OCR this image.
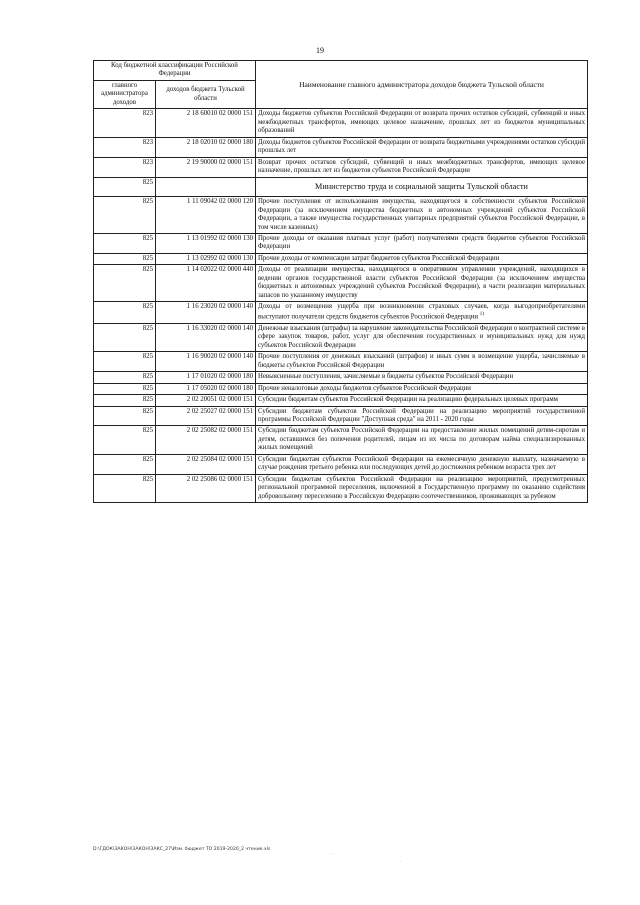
19
Код бюджетной классификации Российской Федерации		Наименование главного администратора доходов бюджета Тульской области
главного администратора доходов	доходов бюджета Тульской области	
823	2 18 60010 02 0000 151	Доходы бюджетов субъектов Российской Федерации от возврата прочих остатков субсидий, субвенций и иных межбюджетных трансфертов, имеющих целевое назначение, прошлых лет из бюджетов муниципальных образований
823	2 18 02010 02 0000 180	Доходы бюджетов субъектов Российской Федерации от возврата бюджетными учреждениями остатков субсидий прошлых лет
823	2 19 90000 02 0000 151	Возврат прочих остатков субсидий, субвенций и иных межбюджетных трансфертов, имеющих целевое назначение, прошлых лет из бюджетов субъектов Российской Федерации
825		Министерство труда и социальной защиты Тульской области
825	1 11 09042 02 0000 120	Прочие поступления от использования имущества, находящегося в собственности субъектов Российской Федерации (за исключением имущества бюджетных и автономных учреждений субъектов Российской Федерации, а также имущества государственных унитарных предприятий субъектов Российской Федерации, в том числе казенных)
825	1 13 01992 02 0000 130	Прочие доходы от оказания платных услуг (работ) получателями средств бюджетов субъектов Российской Федерации
825	1 13 02992 02 0000 130	Прочие доходы от компенсации затрат бюджетов субъектов Российской Федерации
825	1 14 02022 02 0000 440	Доходы от реализации имущества, находящегося в оперативном управлении учреждений, находящихся в ведении органов государственной власти субъектов Российской Федерации (за исключением имущества бюджетных и автономных учреждений субъектов Российской Федерации), в части реализации материальных запасов по указанному имуществу
825	1 16 23020 02 0000 140	Доходы от возмещения ущерба при возникновении страховых случаев, когда выгодоприобретателями выступают получатели средств бюджетов субъектов Российской Федерации $^{1)}$
825	1 16 33020 02 0000 140	Денежные взыскания (штрафы) за нарушение законодательства Российской Федерации о контрактной системе в сфере закупок товаров, работ, услуг для обеспечения государственных и муниципальных нужд для нужд субъектов Российской Федерации
825	1 16 90020 02 0000 140	Прочие поступления от денежных взысканий (штрафов) и иных сумм в возмещение ущерба, зачисляемые в бюджеты субъектов Российской Федерации
825	1 17 01020 02 0000 180	Невыясненные поступления, зачисляемые в бюджеты субъектов Российской Федерации
825	1 17 05020 02 0000 180	Прочие неналоговые доходы бюджетов субъектов Российской Федерации
825	2 02 20051 02 0000 151	Субсидии бюджетам субъектов Российской Федерации на реализацию федеральных целевых программ
825	2 02 25027 02 0000 151	Субсидии бюджетам субъектов Российской Федерации на реализацию мероприятий государственной программы Российской Федерации "Доступная среда" на 2011 - 2020 годы
825	2 02 25082 02 0000 151	Субсидии бюджетам субъектов Российской Федерации на предоставление жилых помещений детям-сиротам и детям, оставшимся без попечения родителей, лицам из их числа по договорам найма специализированных жилых помещений
825	2 02 25084 02 0000 151	Субсидии бюджетам субъектов Российской Федерации на ежемесячную денежную выплату, назначаемую в случае рождения третьего ребенка или последующих детей до достижения ребенком возраста трех лет
825	2 02 25086 02 0000 151	Субсидии бюджетам субъектов Российской Федерации на реализацию мероприятий, предусмотренных региональной программой переселения, включенной в Государственную программу по оказанию содействия добровольному переселению в Российскую Федерацию соотечественников, проживающих за рубежом
D:\ГДОК\ЗАКОН\ЗАКОН\ЗАКС_27\Изм. бюджет ТО 2019-2020_2 чтение.xls
· ·
·
